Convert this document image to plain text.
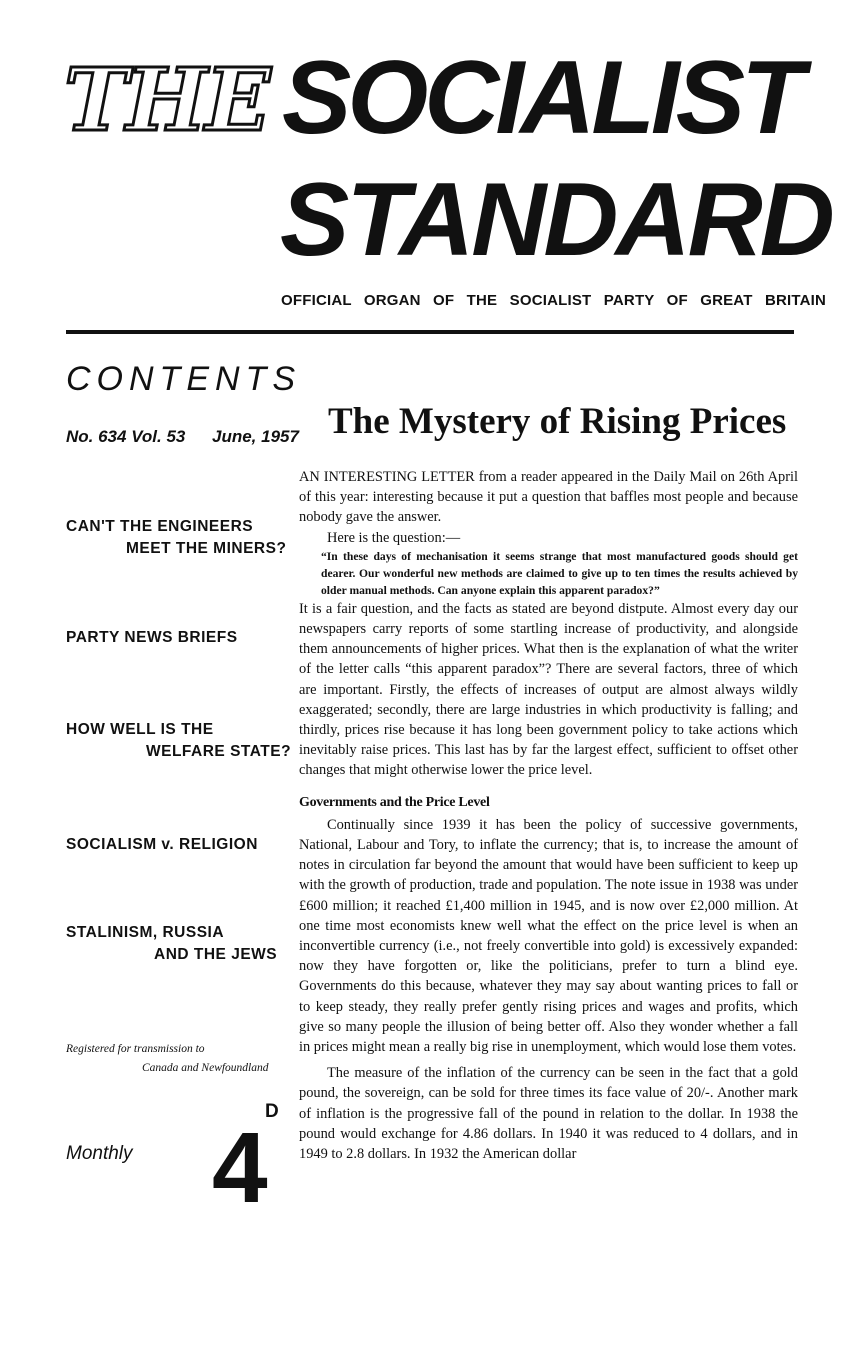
THE SOCIALIST
STANDARD
OFFICIAL ORGAN OF THE SOCIALIST PARTY OF GREAT BRITAIN
CONTENTS
No. 634 Vol. 53 June, 1957
CAN'T THE ENGINEERS
MEET THE MINERS?
PARTY NEWS BRIEFS
HOW WELL IS THE
WELFARE STATE?
SOCIALISM v. RELIGION
STALINISM, RUSSIA
AND THE JEWS
Registered for transmission to
Canada and Newfoundland
Monthly 4
D
The Mystery of Rising Prices

AN INTERESTING LETTER from a reader appeared in the Daily Mail on 26th April of this year: interesting because it put a question that baffles most people and because nobody gave the answer.

Here is the question:—

“In these days of mechanisation it seems strange that most manufactured goods should get dearer. Our wonderful new methods are claimed to give up to ten times the results achieved by older manual methods. Can anyone explain this apparent paradox?”

It is a fair question, and the facts as stated are beyond distpute. Almost every day our newspapers carry reports of some startling increase of productivity, and alongside them announcements of higher prices. What then is the explanation of what the writer of the letter calls “this apparent paradox”? There are several factors, three of which are important. Firstly, the effects of increases of output are almost always wildly exaggerated; secondly, there are large industries in which productivity is falling; and thirdly, prices rise because it has long been government policy to take actions which inevitably raise prices. This last has by far the largest effect, sufficient to offset other changes that might otherwise lower the price level.

Governments and the Price Level

Continually since 1939 it has been the policy of successive governments, National, Labour and Tory, to inflate the currency; that is, to increase the amount of notes in circulation far beyond the amount that would have been sufficient to keep up with the growth of production, trade and population. The note issue in 1938 was under £600 million; it reached £1,400 million in 1945, and is now over £2,000 million. At one time most economists knew well what the effect on the price level is when an inconvertible currency (i.e., not freely convertible into gold) is excessively expanded: now they have forgotten or, like the politicians, prefer to turn a blind eye. Governments do this because, whatever they may say about wanting prices to fall or to keep steady, they really prefer gently rising prices and wages and profits, which give so many people the illusion of being better off. Also they wonder whether a fall in prices might mean a really big rise in unemployment, which would lose them votes.

The measure of the inflation of the currency can be seen in the fact that a gold pound, the sovereign, can be sold for three times its face value of 20/-. Another mark of inflation is the progressive fall of the pound in relation to the dollar. In 1938 the pound would exchange for 4.86 dollars. In 1940 it was reduced to 4 dollars, and in 1949 to 2.8 dollars. In 1932 the American dollar
